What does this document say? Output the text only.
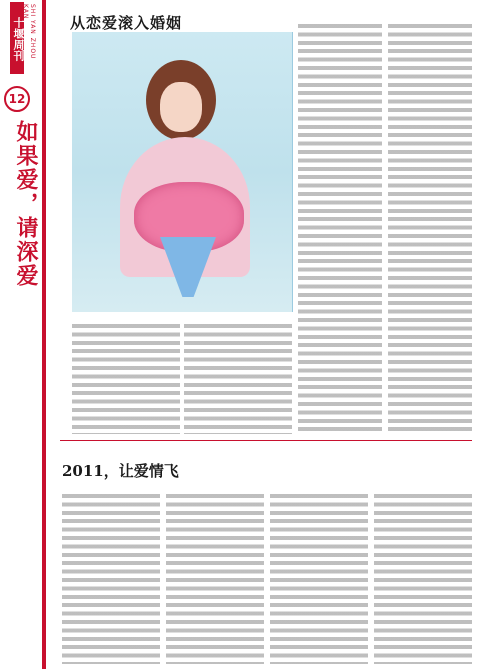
十堰周刊 SHI YAN ZHOU KAN
12
如果爱，请深爱
从恋爱滚入婚姻
2011，让爱情飞
